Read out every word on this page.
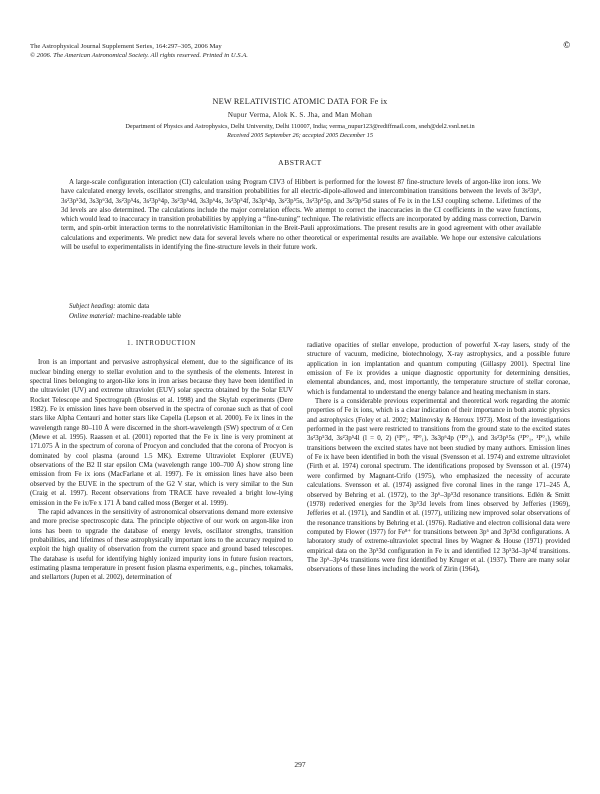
The Astrophysical Journal Supplement Series, 164:297–305, 2006 May
© 2006. The American Astronomical Society. All rights reserved. Printed in U.S.A.
©
NEW RELATIVISTIC ATOMIC DATA FOR Fe ix
Nupur Verma, Alok K. S. Jha, and Man Mohan
Department of Physics and Astrophysics, Delhi University, Delhi 110007, India; verma_nupur123@rediffmail.com, sneh@del2.vsnl.net.in
Received 2005 September 26; accepted 2005 December 15
ABSTRACT

A large-scale configuration interaction (CI) calculation using Program CIV3 of Hibbert is performed for the lowest 87 fine-structure levels of argon-like iron ions. We have calculated energy levels, oscillator strengths, and transition probabilities for all electric-dipole-allowed and intercombination transitions between the levels of 3s²3p⁶, 3s²3p⁵3d, 3s3p⁶3d, 3s²3p⁵4s, 3s²3p⁵4p, 3s²3p⁵4d, 3s3p⁶4s, 3s²3p⁵4f, 3s3p⁶4p, 3s²3p⁵5s, 3s²3p⁵5p, and 3s²3p⁵5d states of Fe ix in the LSJ coupling scheme. Lifetimes of the 3d levels are also determined. The calculations include the major correlation effects. We attempt to correct the inaccuracies in the CI coefficients in the wave functions, which would lead to inaccuracy in transition probabilities by applying a “fine-tuning” technique. The relativistic effects are incorporated by adding mass correction, Darwin term, and spin-orbit interaction terms to the nonrelativistic Hamiltonian in the Breit-Pauli approximations. The present results are in good agreement with other available calculations and experiments. We predict new data for several levels where no other theoretical or experimental results are available. We hope our extensive calculations will be useful to experimentalists in identifying the fine-structure levels in their future work.

Subject heading: atomic data
Online material: machine-readable table
1. INTRODUCTION

Iron is an important and pervasive astrophysical element, due to the significance of its nuclear binding energy to stellar evolution and to the synthesis of the elements. Interest in spectral lines belonging to argon-like ions in iron arises because they have been identified in the ultraviolet (UV) and extreme ultraviolet (EUV) solar spectra obtained by the Solar EUV Rocket Telescope and Spectrograph (Brosius et al. 1998) and the Skylab experiments (Dere 1982). Fe ix emission lines have been observed in the spectra of coronae such as that of cool stars like Alpha Centauri and hotter stars like Capella (Lepson et al. 2000). Fe ix lines in the wavelength range 80–110 Å were discerned in the short-wavelength (SW) spectrum of α Cen (Mewe et al. 1995). Raassen et al. (2001) reported that the Fe ix line is very prominent at 171.075 Å in the spectrum of corona of Procyon and concluded that the corona of Procyon is dominated by cool plasma (around 1.5 MK). Extreme Ultraviolet Explorer (EUVE) observations of the B2 II star epsilon CMa (wavelength range 100–700 Å) show strong line emission from Fe ix ions (MacFarlane et al. 1997). Fe ix emission lines have also been observed by the EUVE in the spectrum of the G2 V star, which is very similar to the Sun (Craig et al. 1997). Recent observations from TRACE have revealed a bright low-lying emission in the Fe ix/Fe x 171 Å band called moss (Berger et al. 1999).

The rapid advances in the sensitivity of astronomical observations demand more extensive and more precise spectroscopic data. The principle objective of our work on argon-like iron ions has been to upgrade the database of energy levels, oscillator strengths, transition probabilities, and lifetimes of these astrophysically important ions to the accuracy required to exploit the high quality of observation from the current space and ground based telescopes. The database is useful for identifying highly ionized impurity ions in future fusion reactors, estimating plasma temperature in present fusion plasma experiments, e.g., pinches, tokamaks, and stellartors (Jupen et al. 2002), determination of

radiative opacities of stellar envelope, production of powerful X-ray lasers, study of the structure of vacuum, medicine, biotechnology, X-ray astrophysics, and a possible future application in ion implantation and quantum computing (Gillaspy 2001). Spectral line emission of Fe ix provides a unique diagnostic opportunity for determining densities, elemental abundances, and, most importantly, the temperature structure of stellar coronae, which is fundamental to understand the energy balance and heating mechanism in stars.

There is a considerable previous experimental and theoretical work regarding the atomic properties of Fe ix ions, which is a clear indication of their importance in both atomic physics and astrophysics (Foley et al. 2002; Malinovsky & Heroux 1973). Most of the investigations performed in the past were restricted to transitions from the ground state to the excited states 3s²3p⁵3d, 3s²3p⁵4l (l = 0, 2) (¹P°₁, ³P°₁), 3s3p⁶4p (¹P°₁), and 3s²3p⁵5s (³P°₁, ¹P°₁), while transitions between the excited states have not been studied by many authors. Emission lines of Fe ix have been identified in both the visual (Svensson et al. 1974) and extreme ultraviolet (Firth et al. 1974) coronal spectrum. The identifications proposed by Svensson et al. (1974) were confirmed by Magnant-Crifo (1975), who emphasized the necessity of accurate calculations. Svensson et al. (1974) assigned five coronal lines in the range 171–245 Å, observed by Behring et al. (1972), to the 3p⁶–3p⁵3d resonance transitions. Edlén & Smitt (1978) rederived energies for the 3p⁵3d levels from lines observed by Jefferies (1969), Jefferies et al. (1971), and Sandlin et al. (1977), utilizing new improved solar observations of the resonance transitions by Behring et al. (1976). Radiative and electron collisional data were computed by Flower (1977) for Fe⁸⁺ for transitions between 3p⁶ and 3p⁵3d configurations. A laboratory study of extreme-ultraviolet spectral lines by Wagner & House (1971) provided empirical data on the 3p⁵3d configuration in Fe ix and identified 12 3p⁵3d–3p⁵4f transitions. The 3p⁶–3p⁵4s transitions were first identified by Kruger et al. (1937). There are many solar observations of these lines including the work of Zirin (1964),

297
